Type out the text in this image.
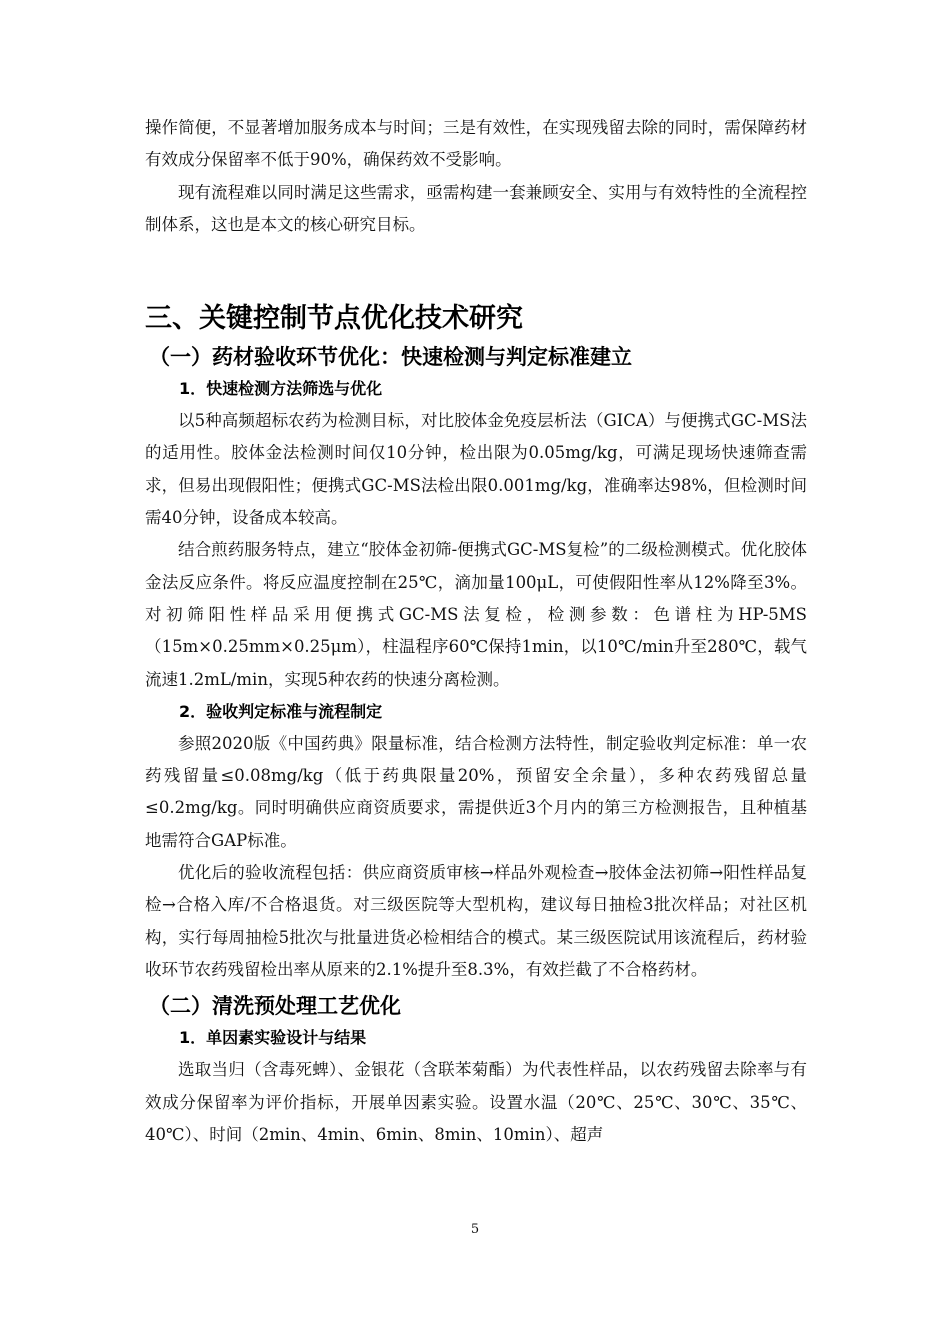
操作简便，不显著增加服务成本与时间；三是有效性，在实现残留去除的同时，需保障药材有效成分保留率不低于90%，确保药效不受影响。

现有流程难以同时满足这些需求，亟需构建一套兼顾安全、实用与有效特性的全流程控制体系，这也是本文的核心研究目标。

三、关键控制节点优化技术研究
（一）药材验收环节优化：快速检测与判定标准建立
1．快速检测方法筛选与优化

以5种高频超标农药为检测目标，对比胶体金免疫层析法（GICA）与便携式GC-MS法的适用性。胶体金法检测时间仅10分钟，检出限为0.05mg/kg，可满足现场快速筛查需求，但易出现假阳性；便携式GC-MS法检出限0.001mg/kg，准确率达98%，但检测时间需40分钟，设备成本较高。

结合煎药服务特点，建立“胶体金初筛-便携式GC-MS复检”的二级检测模式。优化胶体金法反应条件。将反应温度控制在25℃，滴加量100μL，可使假阳性率从12%降至3%。对初筛阳性样品采用便携式GC-MS法复检，检测参数：色谱柱为HP-5MS（15m×0.25mm×0.25μm），柱温程序60℃保持1min，以10℃/min升至280℃，载气流速1.2mL/min，实现5种农药的快速分离检测。

2．验收判定标准与流程制定

参照2020版《中国药典》限量标准，结合检测方法特性，制定验收判定标准：单一农药残留量≤0.08mg/kg（低于药典限量20%，预留安全余量），多种农药残留总量≤0.2mg/kg。同时明确供应商资质要求，需提供近3个月内的第三方检测报告，且种植基地需符合GAP标准。

优化后的验收流程包括：供应商资质审核→样品外观检查→胶体金法初筛→阳性样品复检→合格入库/不合格退货。对三级医院等大型机构，建议每日抽检3批次样品；对社区机构，实行每周抽检5批次与批量进货必检相结合的模式。某三级医院试用该流程后，药材验收环节农药残留检出率从原来的2.1%提升至8.3%，有效拦截了不合格药材。

（二）清洗预处理工艺优化
1．单因素实验设计与结果

选取当归（含毒死蜱）、金银花（含联苯菊酯）为代表性样品，以农药残留去除率与有效成分保留率为评价指标，开展单因素实验。设置水温（20℃、25℃、30℃、35℃、40℃）、时间（2min、4min、6min、8min、10min）、超声

5
